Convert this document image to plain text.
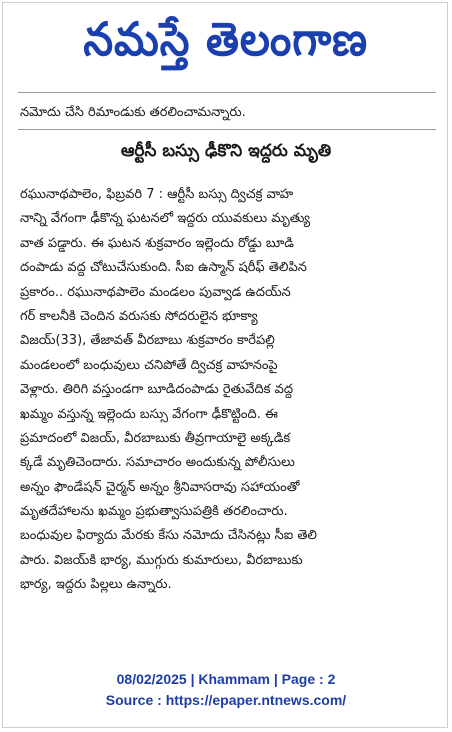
నమస్తే తెలంగాణ
నమోదు చేసి రిమాండుకు తరలించామన్నారు.
ఆర్టీసీ బస్సు ఢీకొని ఇద్దరు మృతి
రఘునాథపాలెం, ఫిబ్రవరి 7 : ఆర్టీసీ బస్సు ద్విచక్ర వాహ
నాన్ని వేగంగా ఢీకొన్న ఘటనలో ఇద్దరు యువకులు మృత్యు
వాత పడ్డారు. ఈ ఘటన శుక్రవారం ఇల్లెందు రోడ్డు బూడి
దంపాడు వద్ద చోటుచేసుకుంది. సీఐ ఉస్మాన్ షరీఫ్ తెలిపిన
ప్రకారం.. రఘునాథపాలెం మండలం పువ్వాడ ఉదయ్‌న
గర్ కాలనీకి చెందిన వరుసకు సోదరులైన భూక్యా
విజయ్(33), తేజావత్ వీరబాబు శుక్రవారం కారేపల్లి
మండలంలో బంధువులు చనిపోతే ద్విచక్ర వాహనంపై
వెళ్లారు. తిరిగి వస్తుండగా బూడిదంపాడు రైతువేదిక వద్ద
ఖమ్మం వస్తున్న ఇల్లెందు బస్సు వేగంగా ఢీకొట్టింది. ఈ
ప్రమాదంలో విజయ్, వీరబాబుకు తీవ్రగాయాలై అక్కడిక
క్కడే మృతిచెందారు. సమాచారం అందుకున్న పోలీసులు
అన్నం ఫౌండేషన్ చైర్మన్ అన్నం శ్రీనివాసరావు సహాయంతో
మృతదేహాలను ఖమ్మం ప్రభుత్వాసుపత్రికి తరలించారు.
బంధువుల ఫిర్యాదు మేరకు కేసు నమోదు చేసినట్లు సీఐ తెలి
పారు. విజయ్‌కి భార్య, ముగ్గురు కుమారులు, వీరబాబుకు
భార్య, ఇద్దరు పిల్లలు ఉన్నారు.
08/02/2025 | Khammam | Page : 2
Source : https://epaper.ntnews.com/
